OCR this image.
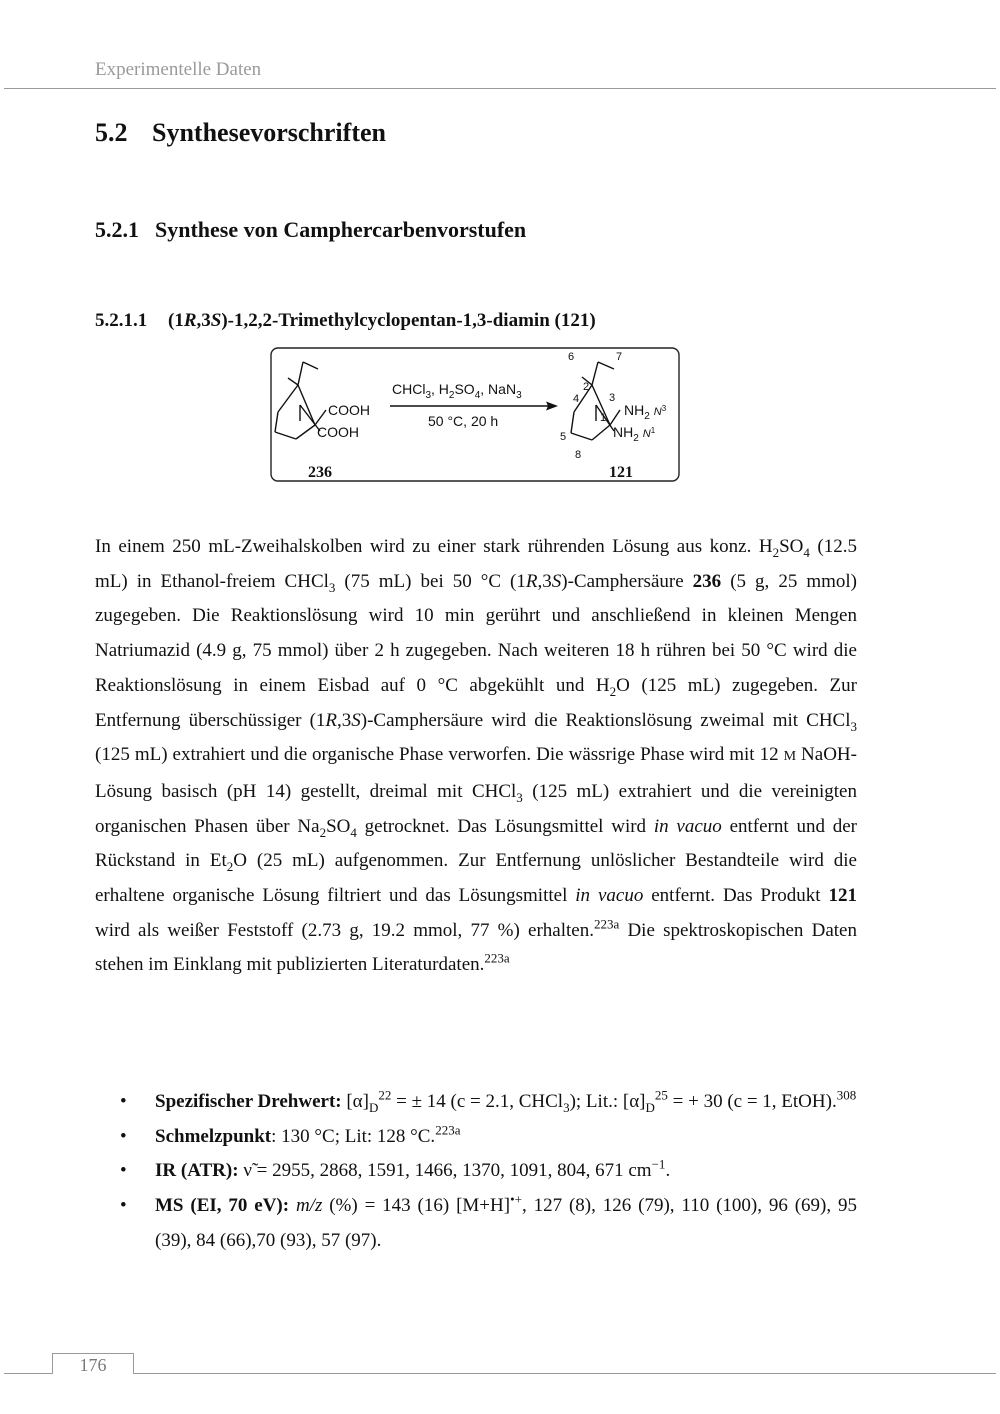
Experimentelle Daten
5.2 Synthesevorschriften
5.2.1 Synthese von Camphercarbenvorstufen
5.2.1.1 (1R,3S)-1,2,2-Trimethylcyclopentan-1,3-diamin (121)
COOH
COOH
236
CHCl$_3$, $H_2SO_4$, NaN$_3$
50 °C, 20 h
6	7
2
4	3
1
5
8
$NH_2$ $^{N3}$
$NH_2$ $^{N1}$
121

In einem 250 mL-Zweihalskolben wird zu einer stark rührenden Lösung aus konz. $H_2SO_4$ (12.5 mL) in Ethanol-freiem CHCl$_3$ (75 mL) bei 50 °C (1R,3S)-Camphersäure 236 (5 g, 25 mmol) zugegeben. Die Reaktionslösung wird 10 min gerührt und anschließend in kleinen Mengen Natriumazid (4.9 g, 75 mmol) über 2 h zugegeben. Nach weiteren 18 h rühren bei 50 °C wird die Reaktionslösung in einem Eisbad auf 0 °C abgekühlt und $H_2O$ (125 mL) zugegeben. Zur Entfernung überschüssiger (1R,3S)-Camphersäure wird die Reaktionslösung zweimal mit CHCl$_3$ (125 mL) extrahiert und die organische Phase verworfen. Die wässrige Phase wird mit 12 M NaOH-Lösung basisch (pH 14) gestellt, dreimal mit CHCl$_3$ (125 mL) extrahiert und die vereinigten organischen Phasen über $Na_2SO_4$ getrocknet. Das Lösungsmittel wird in vacuo entfernt und der Rückstand in $Et_2O$ (25 mL) aufgenommen. Zur Entfernung unlöslicher Bestandteile wird die erhaltene organische Lösung filtriert und das Lösungsmittel in vacuo entfernt. Das Produkt 121 wird als weißer Feststoff (2.73 g, 19.2 mmol, 77 %) erhalten.$^{223a}$ Die spektroskopischen Daten stehen im Einklang mit publizierten Literaturdaten.$^{223a}$

• Spezifischer Drehwert: $[\alpha]_D^{22}$ = ± 14 (c = 2.1, CHCl$_3$); Lit.: $[\alpha]_D^{25}$ = + 30 (c = 1, EtOH).$^{308}$
• Schmelzpunkt: 130 °C; Lit: 128 °C.$^{223a}$
• IR (ATR): ν̃ = 2955, 2868, 1591, 1466, 1370, 1091, 804, 671 $cm^{-1}$.
• MS (EI, 70 eV): m/z (%) = 143 (16) [M+H]•+, 127 (8), 126 (79), 110 (100), 96 (69), 95 (39), 84 (66),70 (93), 57 (97).
176
